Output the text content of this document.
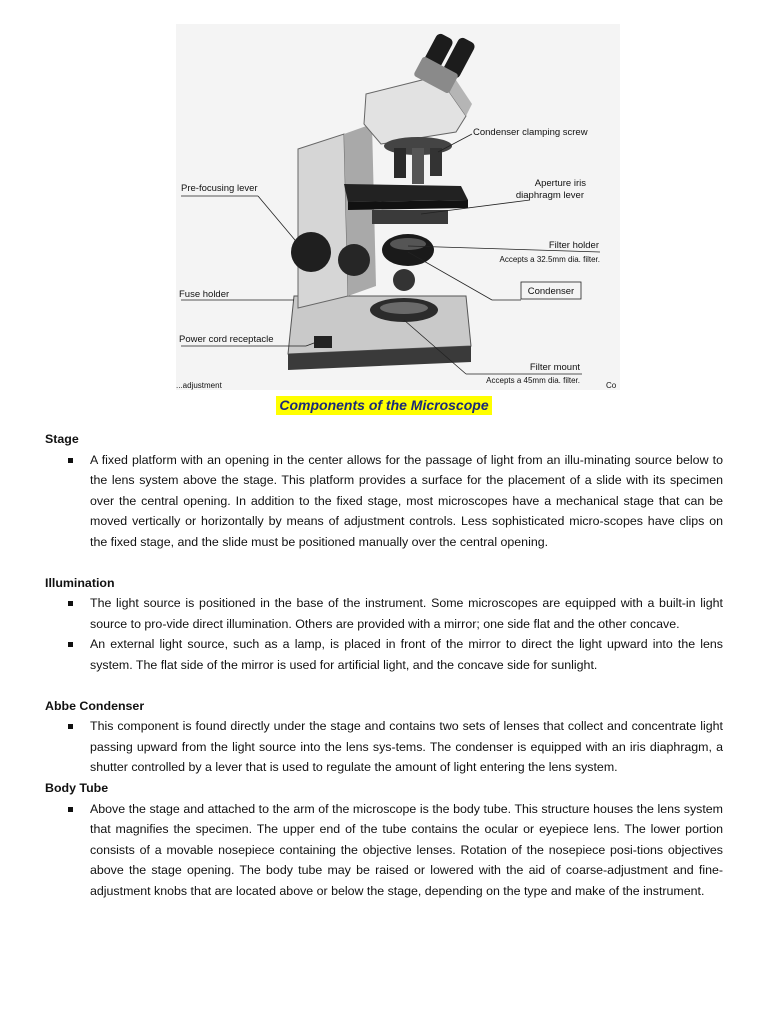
Condenser clamping screw
Aperture iris
diaphragm lever
Pre-focusing lever
Filter holder
Accepts a 32.5mm dia. filter.
Condenser
Fuse holder
Power cord receptacle
Filter mount
Accepts a 45mm dia. filter.
...adjustment	Co
Components of the Microscope

Stage

A fixed platform with an opening in the center allows for the passage of light from an illu-minating source below to the lens system above the stage. This platform provides a surface for the placement of a slide with its specimen over the central opening. In addition to the fixed stage, most microscopes have a mechanical stage that can be moved vertically or horizontally by means of adjustment controls. Less sophisticated micro-scopes have clips on the fixed stage, and the slide must be positioned manually over the central opening.

Illumination

The light source is positioned in the base of the instrument. Some microscopes are equipped with a built-in light source to pro-vide direct illumination. Others are provided with a mirror; one side flat and the other concave.
An external light source, such as a lamp, is placed in front of the mirror to direct the light upward into the lens system. The flat side of the mirror is used for artificial light, and the concave side for sunlight.

Abbe Condenser

This component is found directly under the stage and contains two sets of lenses that collect and concentrate light passing upward from the light source into the lens sys-tems. The condenser is equipped with an iris diaphragm, a shutter controlled by a lever that is used to regulate the amount of light entering the lens system.

Body Tube

Above the stage and attached to the arm of the microscope is the body tube. This structure houses the lens system that magnifies the specimen. The upper end of the tube contains the ocular or eyepiece lens. The lower portion consists of a movable nosepiece containing the objective lenses. Rotation of the nosepiece posi-tions objectives above the stage opening. The body tube may be raised or lowered with the aid of coarse-adjustment and fine-adjustment knobs that are located above or below the stage, depending on the type and make of the instrument.
